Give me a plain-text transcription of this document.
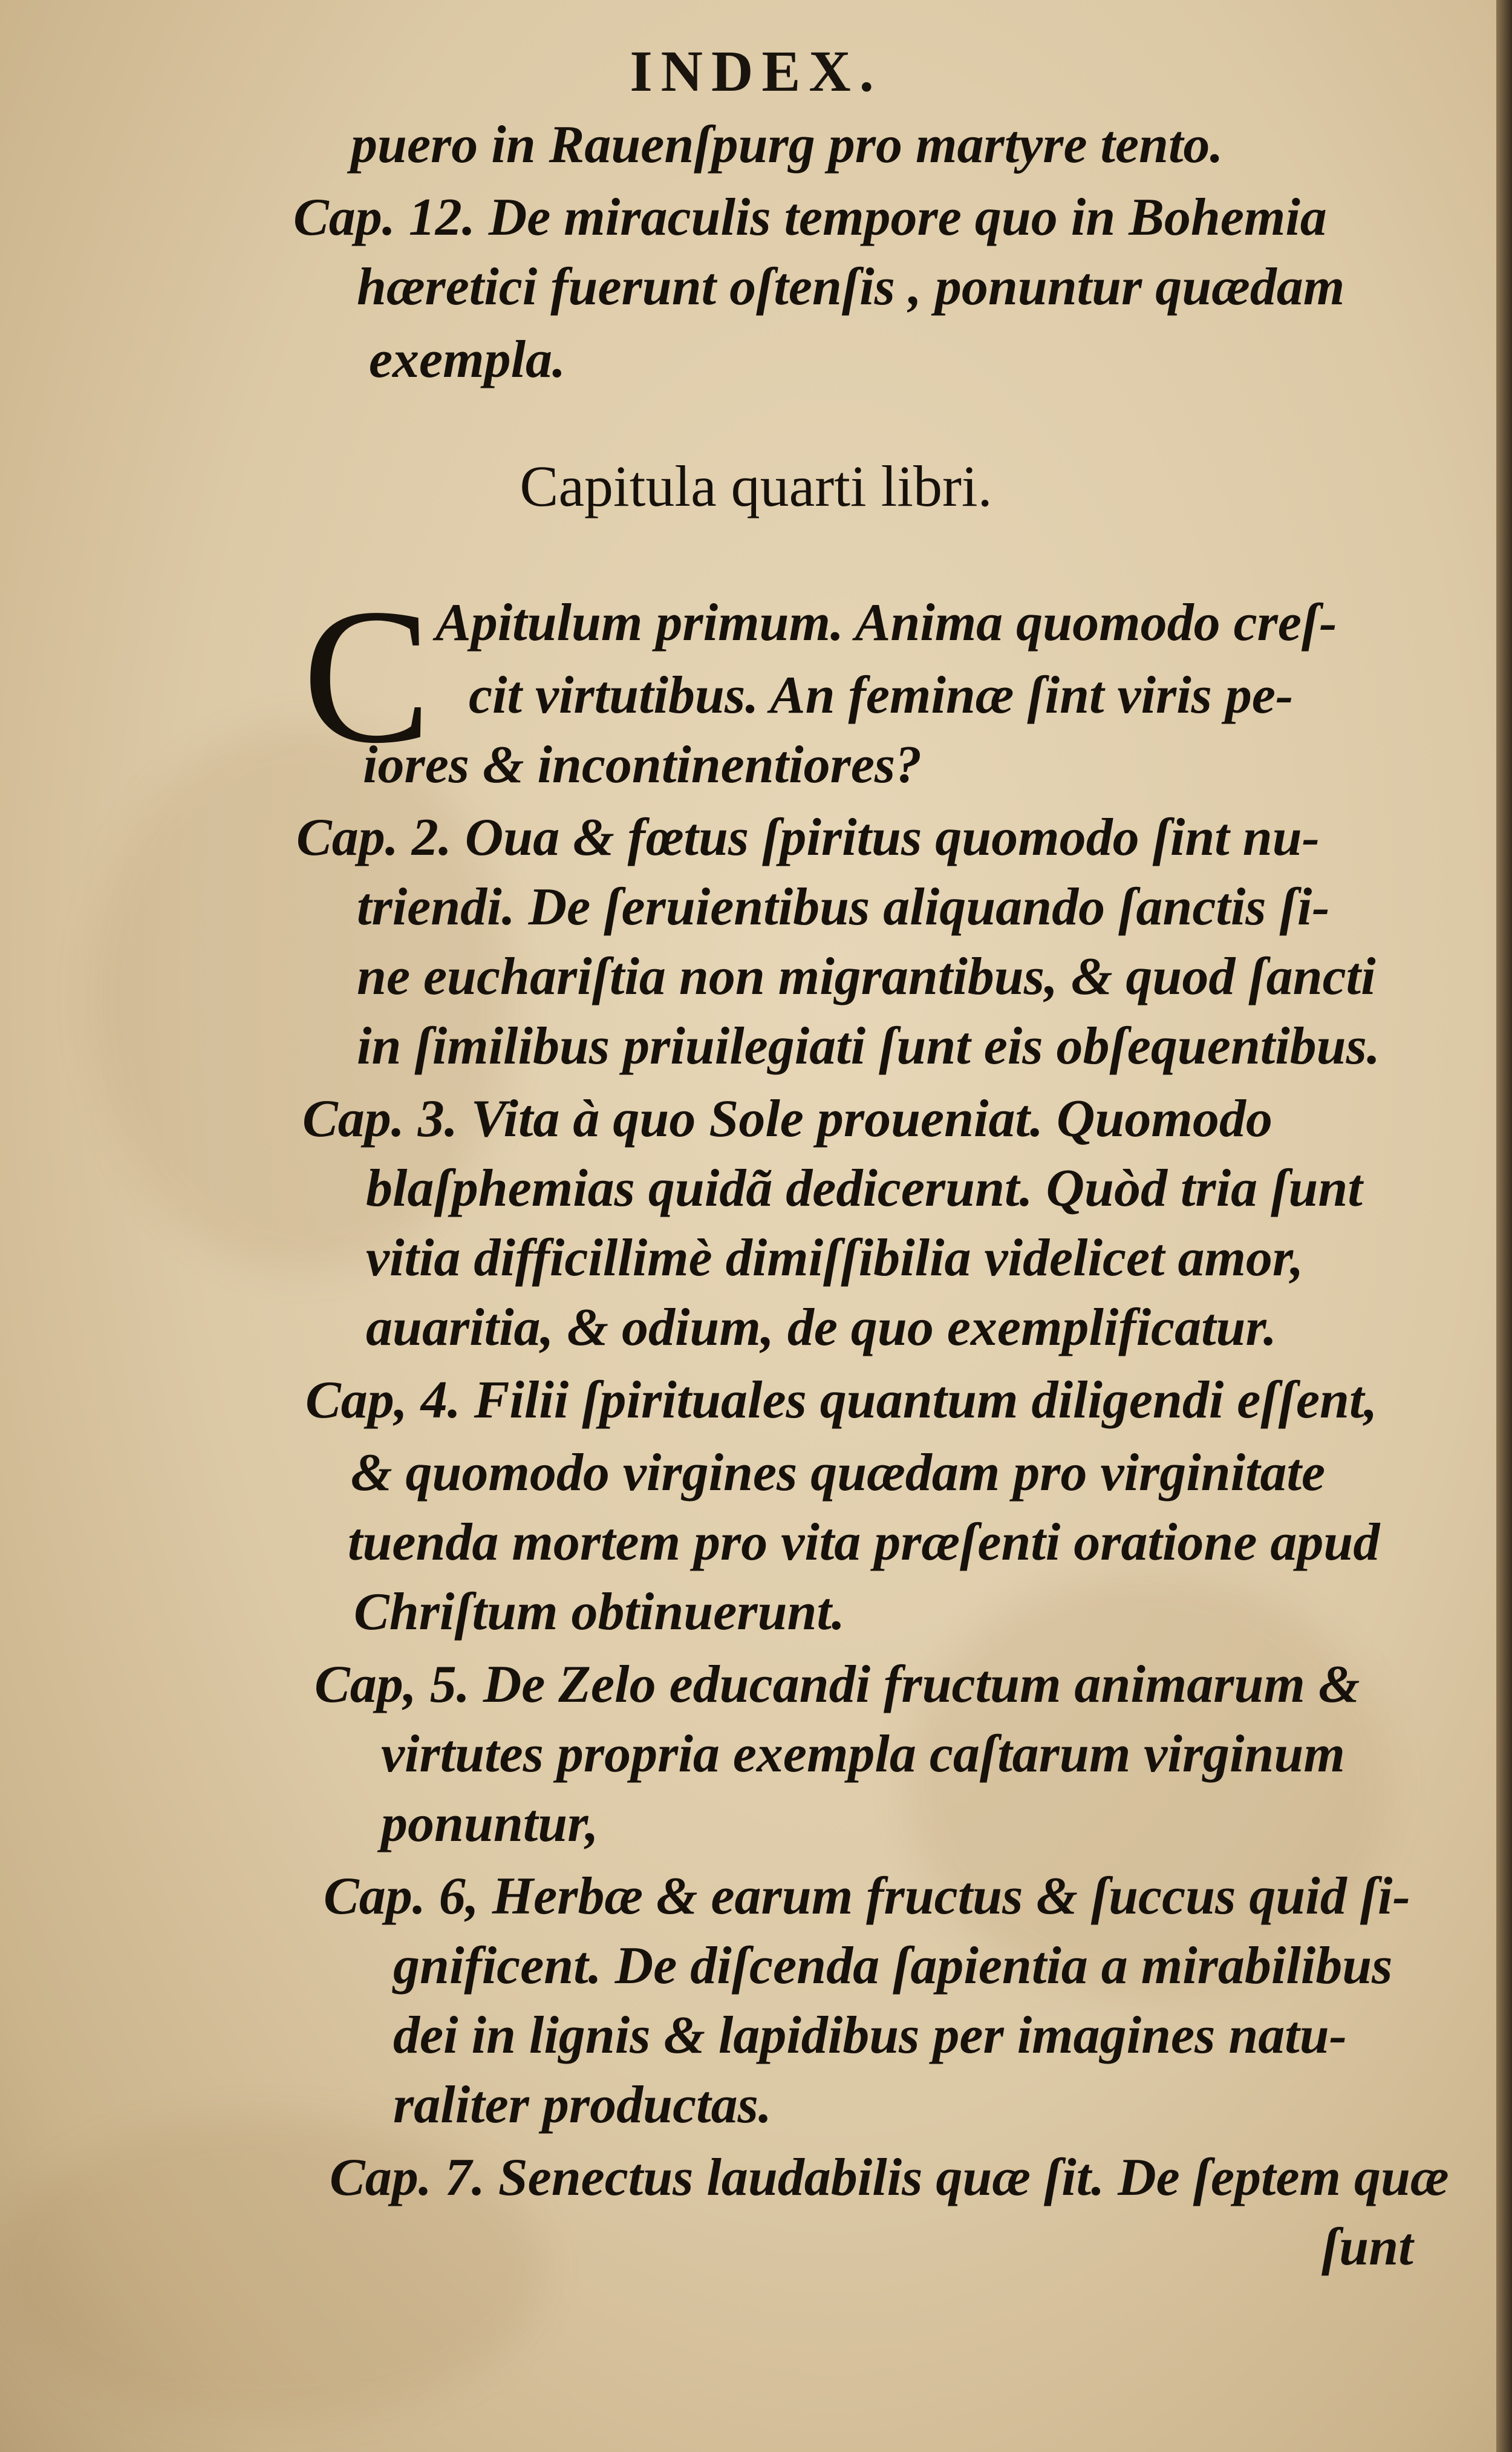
INDEX.
puero in Rauenſpurg pro martyre tento.
Cap. 12. De miraculis tempore quo in Bohemia
hæretici fuerunt oſtenſis , ponuntur quædam
exempla.
Capitula quarti libri.
C Apitulum primum. Anima quomodo creſ-
cit virtutibus. An feminæ ſint viris pe-
iores & incontinentiores?
Cap. 2. Oua & fœtus ſpiritus quomodo ſint nu-
triendi. De ſeruientibus aliquando ſanctis ſi-
ne euchariſtia non migrantibus, & quod ſancti
in ſimilibus priuilegiati ſunt eis obſequentibus.
Cap. 3. Vita à quo Sole proueniat. Quomodo
blaſphemias quidã dedicerunt. Quòd tria ſunt
vitia difficillimè dimiſſibilia videlicet amor,
auaritia, & odium, de quo exemplificatur.
Cap, 4. Filii ſpirituales quantum diligendi eſſent,
& quomodo virgines quædam pro virginitate
tuenda mortem pro vita præſenti oratione apud
Chriſtum obtinuerunt.
Cap, 5. De Zelo educandi fructum animarum &
virtutes propria exempla caſtarum virginum
ponuntur,
Cap. 6, Herbæ & earum fructus & ſuccus quid ſi-
gnificent. De diſcenda ſapientia a mirabilibus
dei in lignis & lapidibus per imagines natu-
raliter productas.
Cap. 7. Senectus laudabilis quæ ſit. De ſeptem quæ
ſunt
